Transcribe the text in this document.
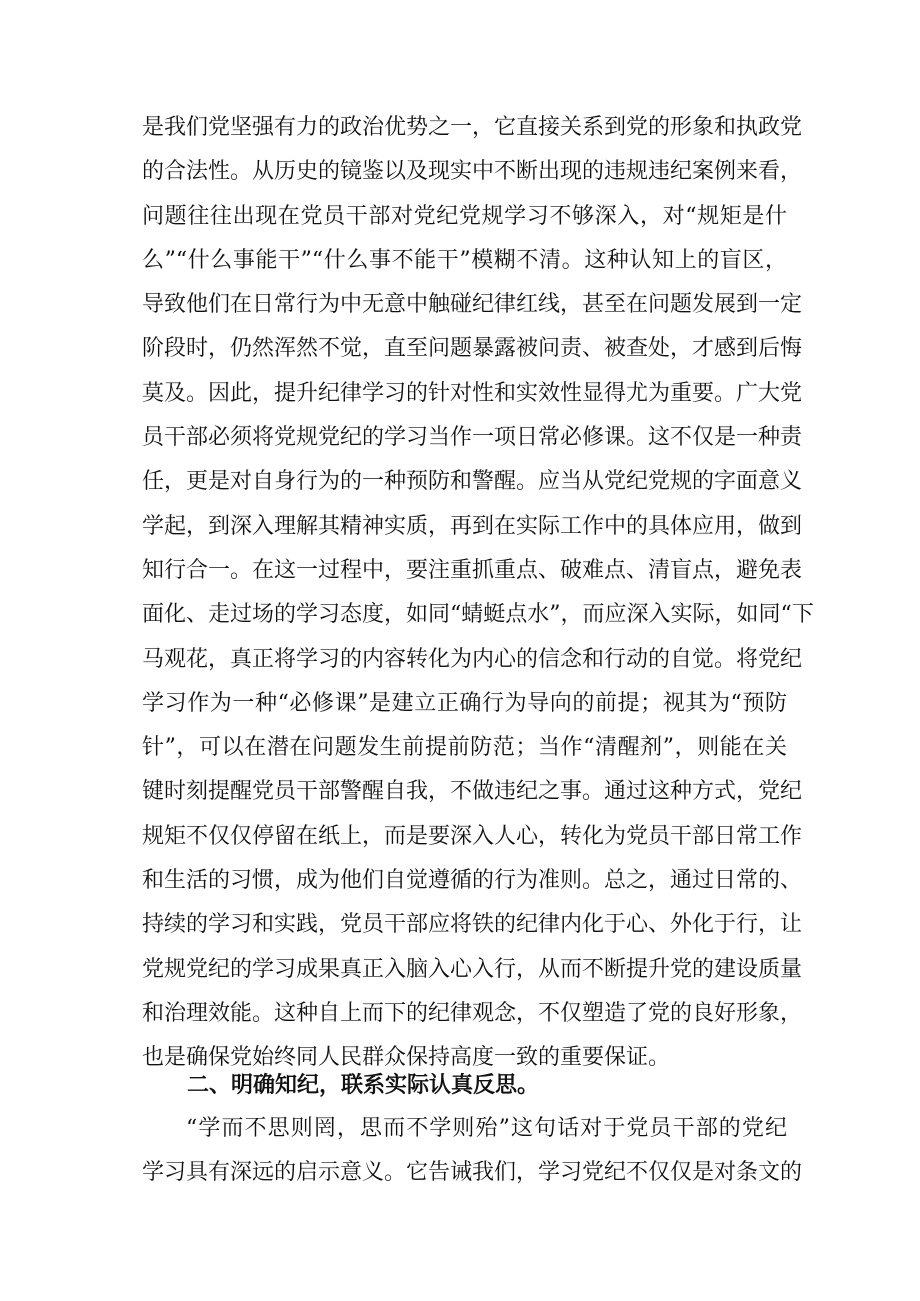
是我们党坚强有力的政治优势之一，它直接关系到党的形象和执政党
的合法性。从历史的镜鉴以及现实中不断出现的违规违纪案例来看，
问题往往出现在党员干部对党纪党规学习不够深入，对“规矩是什
么”“什么事能干”“什么事不能干”模糊不清。这种认知上的盲区，
导致他们在日常行为中无意中触碰纪律红线，甚至在问题发展到一定
阶段时，仍然浑然不觉，直至问题暴露被问责、被查处，才感到后悔
莫及。因此，提升纪律学习的针对性和实效性显得尤为重要。广大党
员干部必须将党规党纪的学习当作一项日常必修课。这不仅是一种责
任，更是对自身行为的一种预防和警醒。应当从党纪党规的字面意义
学起，到深入理解其精神实质，再到在实际工作中的具体应用，做到
知行合一。在这一过程中，要注重抓重点、破难点、清盲点，避免表
面化、走过场的学习态度，如同“蜻蜓点水”，而应深入实际，如同“下
马观花，真正将学习的内容转化为内心的信念和行动的自觉。将党纪
学习作为一种“必修课”是建立正确行为导向的前提；视其为“预防
针”，可以在潜在问题发生前提前防范；当作“清醒剂”，则能在关
键时刻提醒党员干部警醒自我，不做违纪之事。通过这种方式，党纪
规矩不仅仅停留在纸上，而是要深入人心，转化为党员干部日常工作
和生活的习惯，成为他们自觉遵循的行为准则。总之，通过日常的、
持续的学习和实践，党员干部应将铁的纪律内化于心、外化于行，让
党规党纪的学习成果真正入脑入心入行，从而不断提升党的建设质量
和治理效能。这种自上而下的纪律观念，不仅塑造了党的良好形象，
也是确保党始终同人民群众保持高度一致的重要保证。
二、明确知纪，联系实际认真反思。
“学而不思则罔，思而不学则殆”这句话对于党员干部的党纪
学习具有深远的启示意义。它告诫我们，学习党纪不仅仅是对条文的
